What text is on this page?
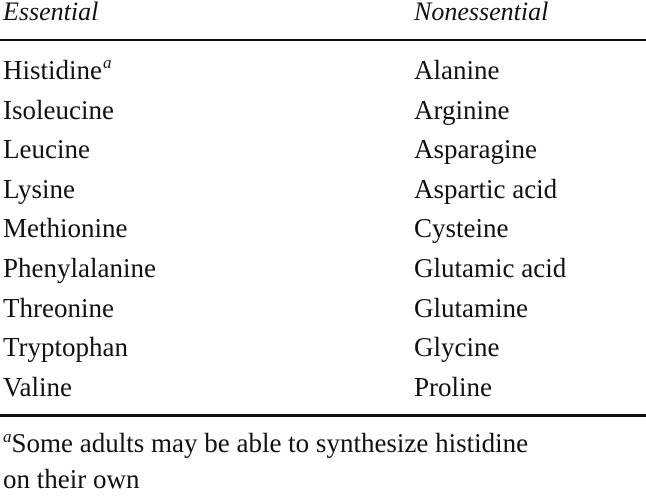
Essential	Nonessential
Histidine$^a$	Alanine
Isoleucine	Arginine
Leucine	Asparagine
Lysine	Aspartic acid
Methionine	Cysteine
Phenylalanine	Glutamic acid
Threonine	Glutamine
Tryptophan	Glycine
Valine	Proline
$^a$Some adults may be able to synthesize histidine
on their own
